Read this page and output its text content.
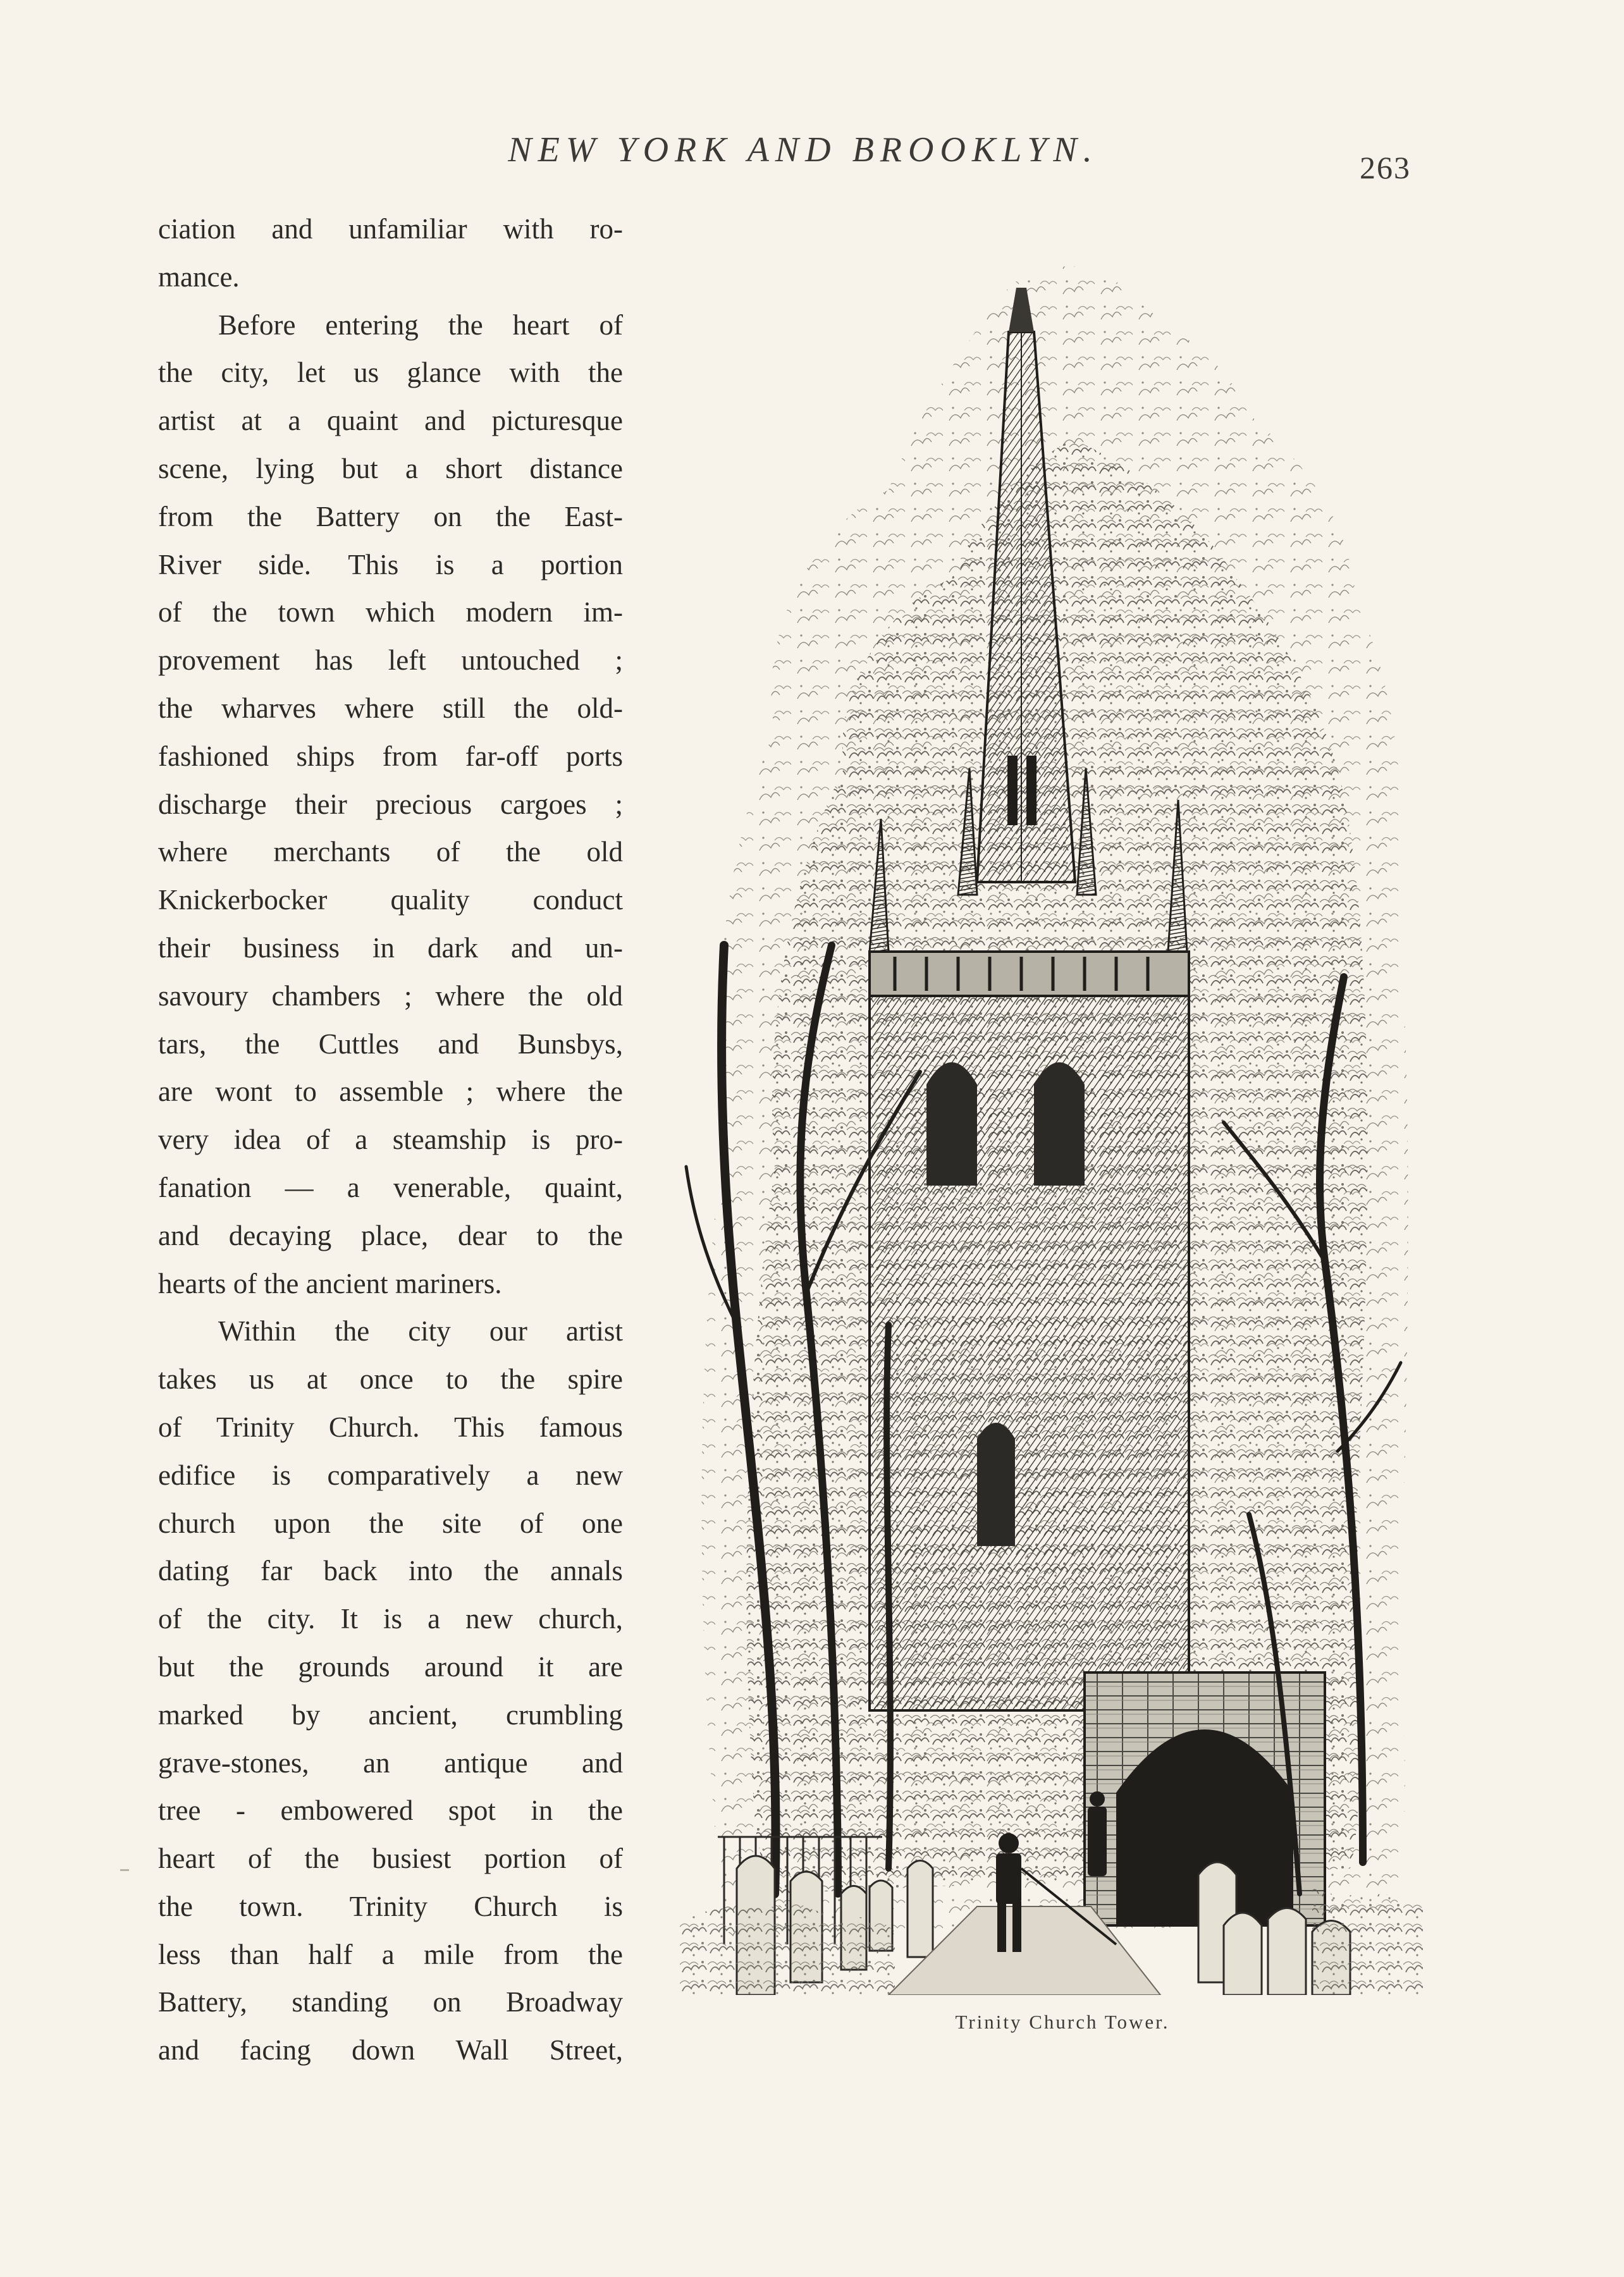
NEW YORK AND BROOKLYN.	263
ciation and unfamiliar with ro-
mance.
Before entering the heart of
the city, let us glance with the
artist at a quaint and picturesque
scene, lying but a short distance
from the Battery on the East-
River side. This is a portion
of the town which modern im-
provement has left untouched ;
the wharves where still the old-
fashioned ships from far-off ports
discharge their precious cargoes ;
where merchants of the old
Knickerbocker quality conduct
their business in dark and un-
savoury chambers ; where the old
tars, the Cuttles and Bunsbys,
are wont to assemble ; where the
very idea of a steamship is pro-
fanation — a venerable, quaint,
and decaying place, dear to the
hearts of the ancient mariners.
Within the city our artist
takes us at once to the spire
of Trinity Church. This famous
edifice is comparatively a new
church upon the site of one
dating far back into the annals
of the city. It is a new church,
but the grounds around it are
marked by ancient, crumbling
grave-stones, an antique and
tree - embowered spot in the
heart of the busiest portion of
the town. Trinity Church is
less than half a mile from the
Battery, standing on Broadway
and facing down Wall Street,
Trinity Church Tower.
